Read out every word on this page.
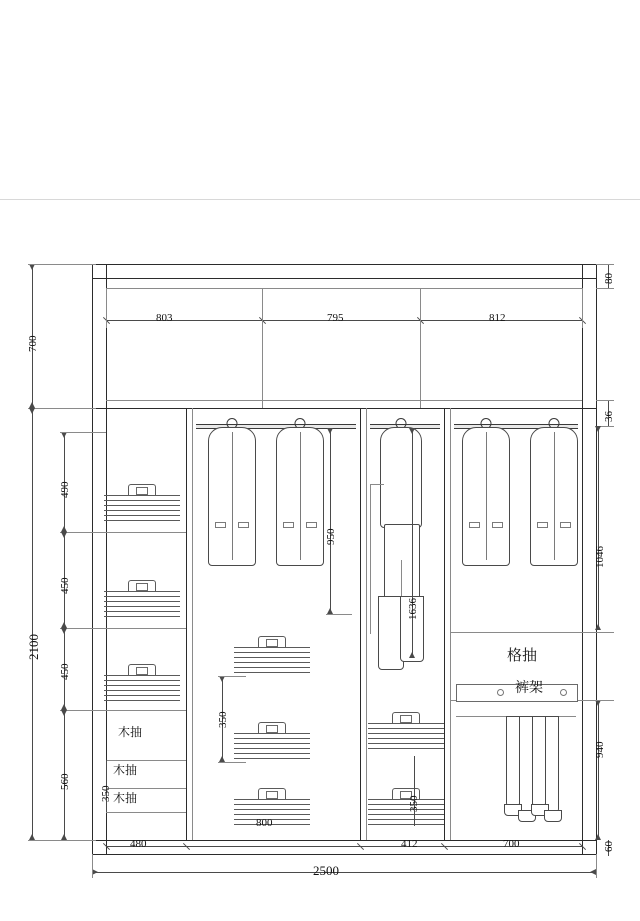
803	795	812
480
800
412	700
2500
700
2100
490
450
450
560
350
80
36
1046
940
60
950
1636
350
350
木抽
木抽
木抽
格抽
裤架
